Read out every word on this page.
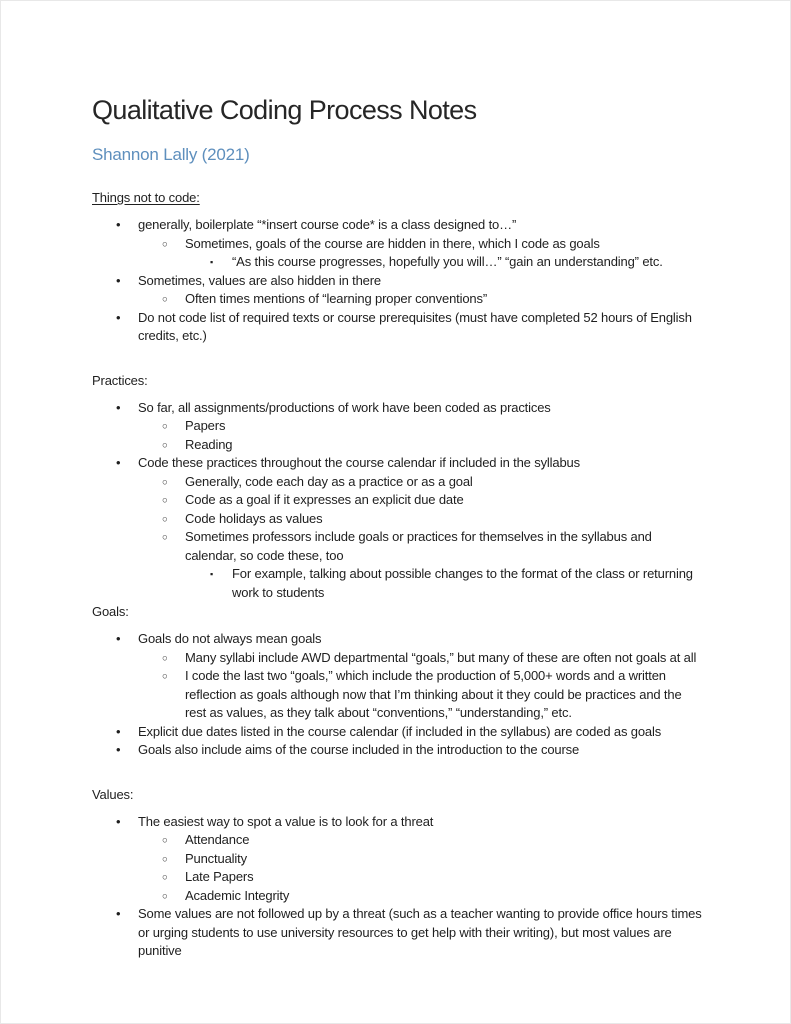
Qualitative Coding Process Notes
Shannon Lally (2021)
Things not to code:
• generally, boilerplate “*insert course code* is a class designed to…”
○ Sometimes, goals of the course are hidden in there, which I code as goals
▪ “As this course progresses, hopefully you will…” “gain an understanding” etc.
• Sometimes, values are also hidden in there
○ Often times mentions of “learning proper conventions”
• Do not code list of required texts or course prerequisites (must have completed 52 hours of English credits, etc.)
Practices:
• So far, all assignments/productions of work have been coded as practices
○ Papers
○ Reading
• Code these practices throughout the course calendar if included in the syllabus
○ Generally, code each day as a practice or as a goal
○ Code as a goal if it expresses an explicit due date
○ Code holidays as values
○ Sometimes professors include goals or practices for themselves in the syllabus and calendar, so code these, too
▪ For example, talking about possible changes to the format of the class or returning work to students
Goals:
• Goals do not always mean goals
○ Many syllabi include AWD departmental “goals,” but many of these are often not goals at all
○ I code the last two “goals,” which include the production of 5,000+ words and a written reflection as goals although now that I’m thinking about it they could be practices and the rest as values, as they talk about “conventions,” “understanding,” etc.
• Explicit due dates listed in the course calendar (if included in the syllabus) are coded as goals
• Goals also include aims of the course included in the introduction to the course
Values:
• The easiest way to spot a value is to look for a threat
○ Attendance
○ Punctuality
○ Late Papers
○ Academic Integrity
• Some values are not followed up by a threat (such as a teacher wanting to provide office hours times or urging students to use university resources to get help with their writing), but most values are punitive
